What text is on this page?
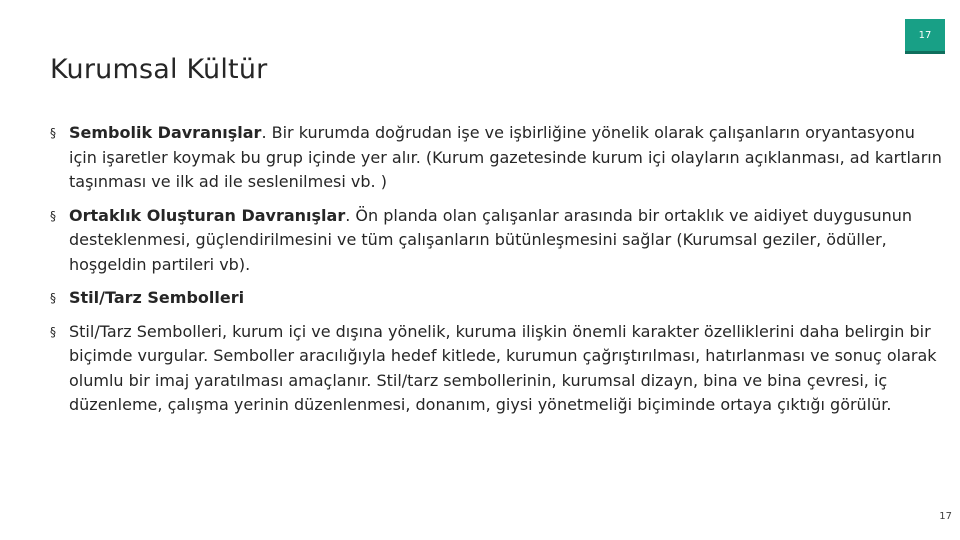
17
Kurumsal Kültür

§ Sembolik Davranışlar. Bir kurumda doğrudan işe ve işbirliğine yönelik olarak çalışanların oryantasyonu için işaretler koymak bu grup içinde yer alır. (Kurum gazetesinde kurum içi olayların açıklanması, ad kartların taşınması ve ilk ad ile seslenilmesi vb. )

§ Ortaklık Oluşturan Davranışlar. Ön planda olan çalışanlar arasında bir ortaklık ve aidiyet duygusunun desteklenmesi, güçlendirilmesini ve tüm çalışanların bütünleşmesini sağlar (Kurumsal geziler, ödüller, hoşgeldin partileri vb).

§ Stil/Tarz Sembolleri

§ Stil/Tarz Sembolleri, kurum içi ve dışına yönelik, kuruma ilişkin önemli karakter özelliklerini daha belirgin bir biçimde vurgular. Semboller aracılığıyla hedef kitlede, kurumun çağrıştırılması, hatırlanması ve sonuç olarak olumlu bir imaj yaratılması amaçlanır. Stil/tarz sembollerinin, kurumsal dizayn, bina ve bina çevresi, iç düzenleme, çalışma yerinin düzenlenmesi, donanım, giysi yönetmeliği biçiminde ortaya çıktığı görülür.

17
